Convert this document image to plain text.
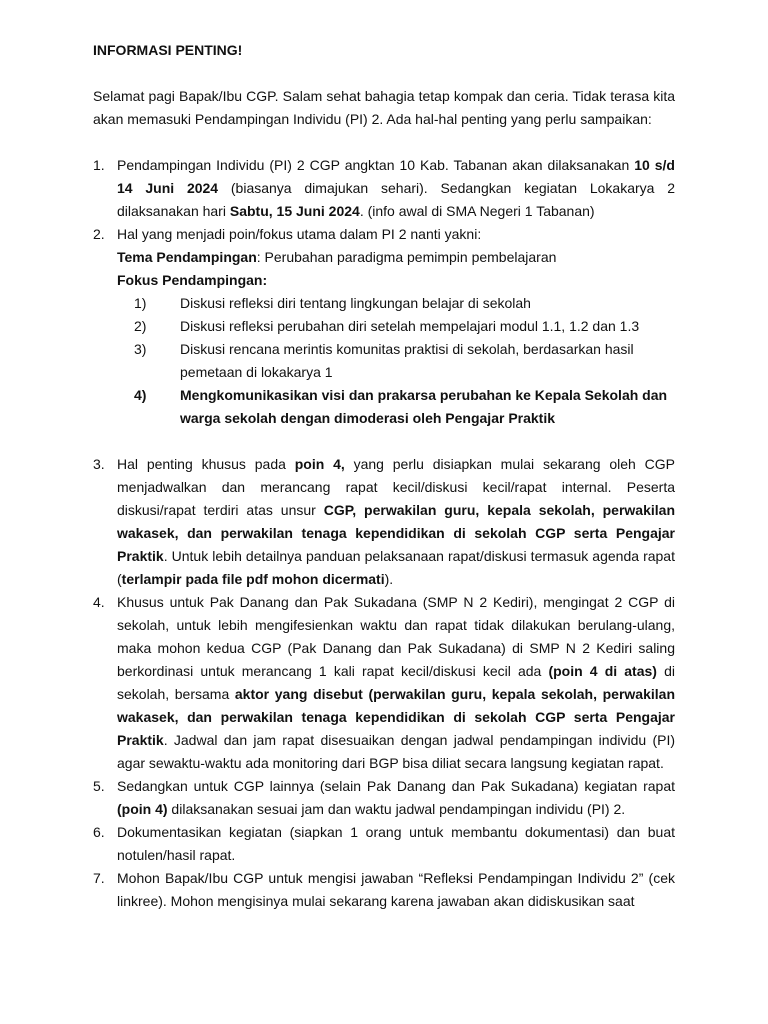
INFORMASI PENTING!

Selamat pagi Bapak/Ibu CGP. Salam sehat bahagia tetap kompak dan ceria. Tidak terasa kita akan memasuki Pendampingan Individu (PI) 2. Ada hal-hal penting yang perlu sampaikan:

1. Pendampingan Individu (PI) 2 CGP angktan 10 Kab. Tabanan akan dilaksanakan 10 s/d 14 Juni 2024 (biasanya dimajukan sehari). Sedangkan kegiatan Lokakarya 2 dilaksanakan hari Sabtu, 15 Juni 2024. (info awal di SMA Negeri 1 Tabanan)
2. Hal yang menjadi poin/fokus utama dalam PI 2 nanti yakni:

Tema Pendampingan: Perubahan paradigma pemimpin pembelajaran

Fokus Pendampingan:

1)	Diskusi refleksi diri tentang lingkungan belajar di sekolah
2)	Diskusi refleksi perubahan diri setelah mempelajari modul 1.1, 1.2 dan 1.3
3)	Diskusi rencana merintis komunitas praktisi di sekolah, berdasarkan hasil pemetaan di lokakarya 1
4)	Mengkomunikasikan visi dan prakarsa perubahan ke Kepala Sekolah dan warga sekolah dengan dimoderasi oleh Pengajar Praktik
3. Hal penting khusus pada poin 4, yang perlu disiapkan mulai sekarang oleh CGP menjadwalkan dan merancang rapat kecil/diskusi kecil/rapat internal. Peserta diskusi/rapat terdiri atas unsur CGP, perwakilan guru, kepala sekolah, perwakilan wakasek, dan perwakilan tenaga kependidikan di sekolah CGP serta Pengajar Praktik. Untuk lebih detailnya panduan pelaksanaan rapat/diskusi termasuk agenda rapat (terlampir pada file pdf mohon dicermati).
4. Khusus untuk Pak Danang dan Pak Sukadana (SMP N 2 Kediri), mengingat 2 CGP di sekolah, untuk lebih mengifesienkan waktu dan rapat tidak dilakukan berulang-ulang, maka mohon kedua CGP (Pak Danang dan Pak Sukadana) di SMP N 2 Kediri saling berkordinasi untuk merancang 1 kali rapat kecil/diskusi kecil ada (poin 4 di atas) di sekolah, bersama aktor yang disebut (perwakilan guru, kepala sekolah, perwakilan wakasek, dan perwakilan tenaga kependidikan di sekolah CGP serta Pengajar Praktik. Jadwal dan jam rapat disesuaikan dengan jadwal pendampingan individu (PI) agar sewaktu-waktu ada monitoring dari BGP bisa diliat secara langsung kegiatan rapat.
5. Sedangkan untuk CGP lainnya (selain Pak Danang dan Pak Sukadana) kegiatan rapat (poin 4) dilaksanakan sesuai jam dan waktu jadwal pendampingan individu (PI) 2.
6. Dokumentasikan kegiatan (siapkan 1 orang untuk membantu dokumentasi) dan buat notulen/hasil rapat.
7. Mohon Bapak/Ibu CGP untuk mengisi jawaban “Refleksi Pendampingan Individu 2” (cek linkree). Mohon mengisinya mulai sekarang karena jawaban akan didiskusikan saat
